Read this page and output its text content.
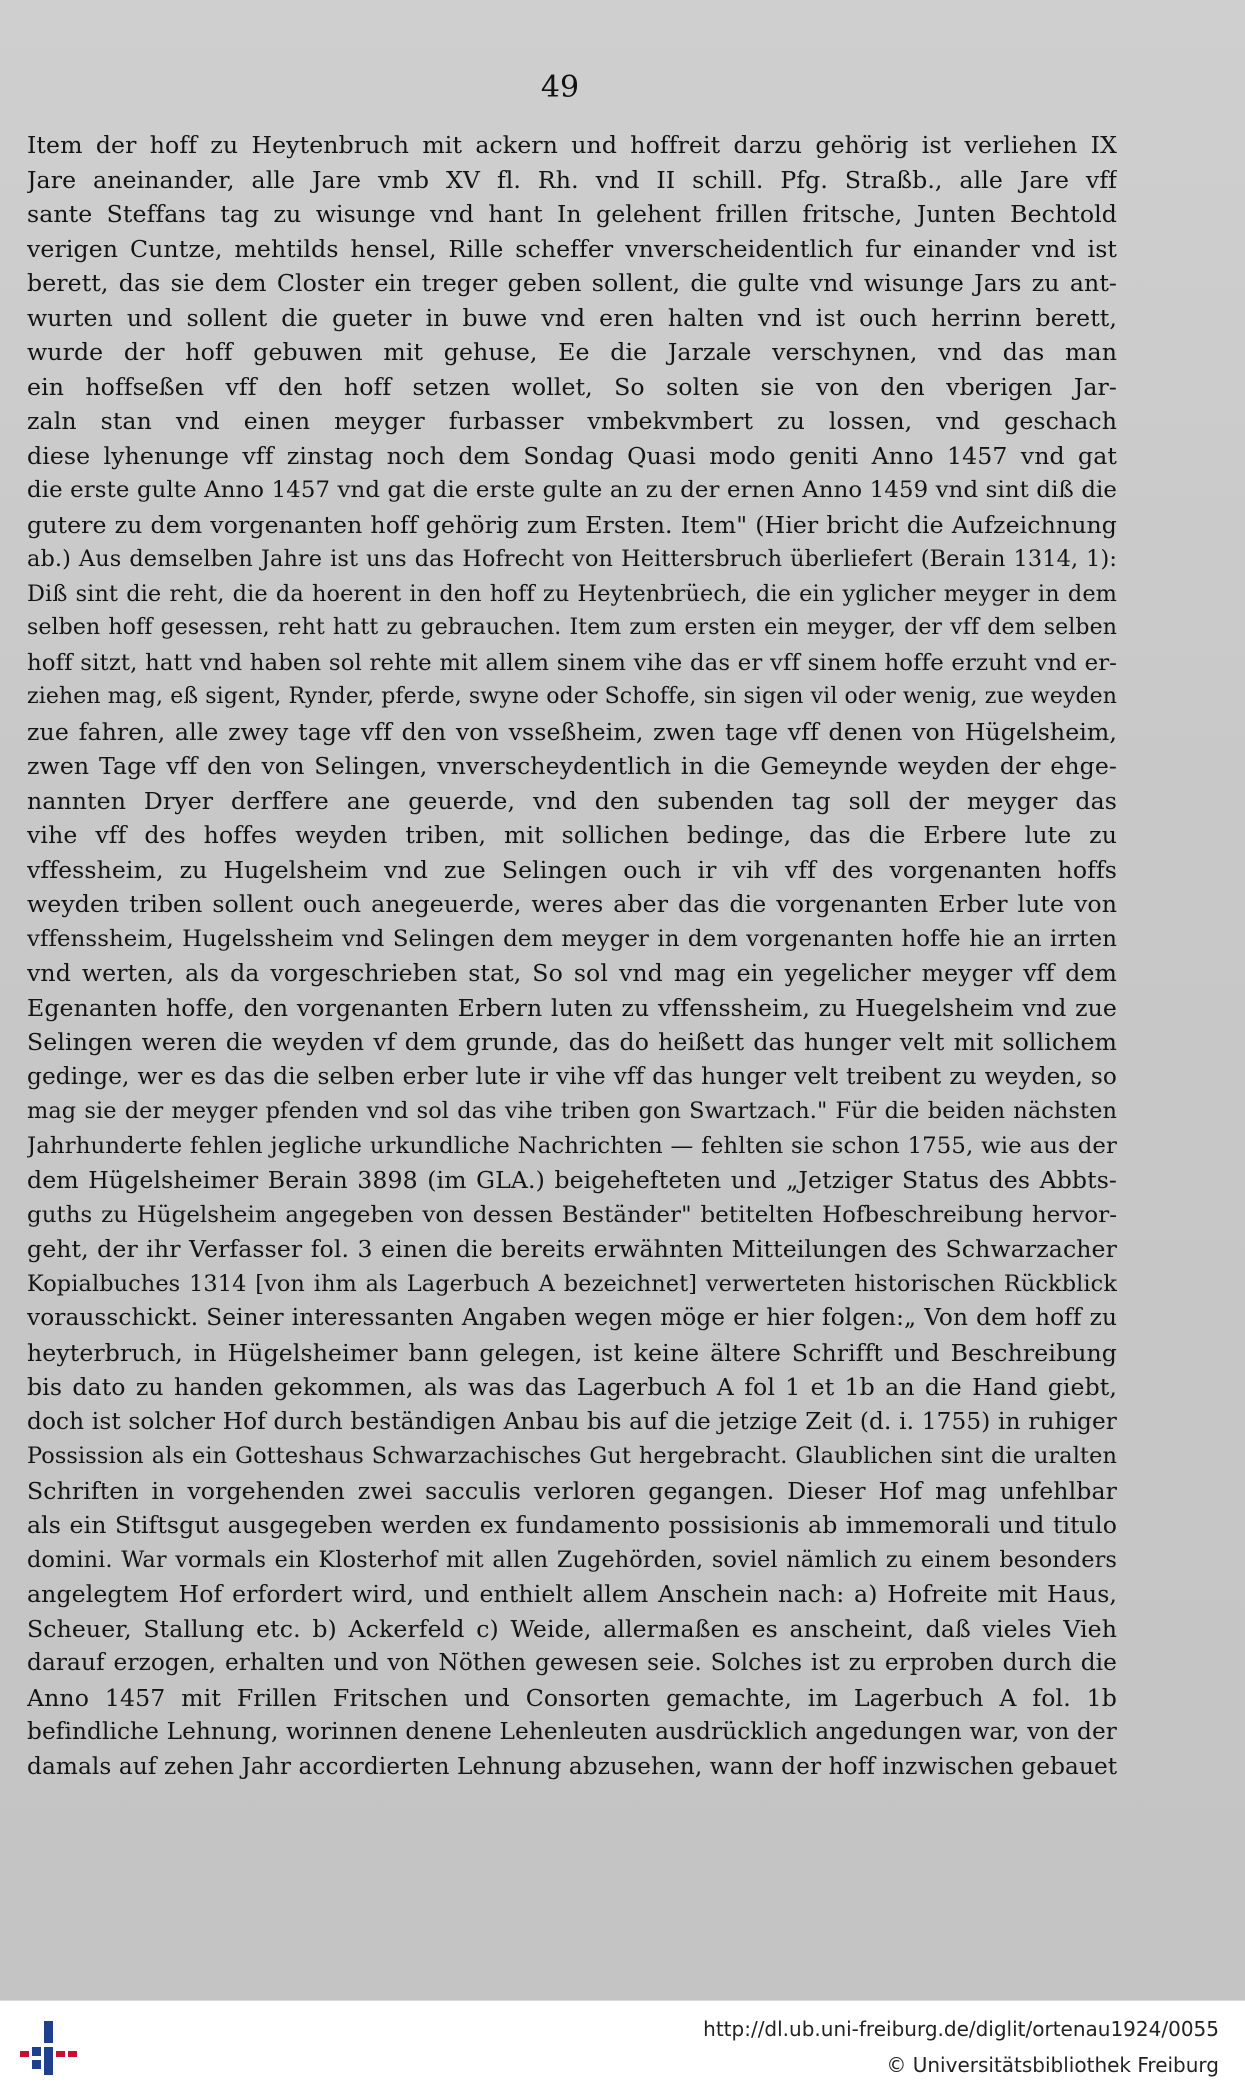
49
Item der hoff zu Heytenbruch mit ackern und hoffreit darzu gehörig ist verliehen IX
Jare aneinander, alle Jare vmb XV fl. Rh. vnd II schill. Pfg. Straßb., alle Jare vff
sante Steffans tag zu wisunge vnd hant In gelehent frillen fritsche, Junten Bechtold
verigen Cuntze, mehtilds hensel, Rille scheffer vnverscheidentlich fur einander vnd ist
berett, das sie dem Closter ein treger geben sollent, die gulte vnd wisunge Jars zu ant-
wurten und sollent die gueter in buwe vnd eren halten vnd ist ouch herrinn berett,
wurde der hoff gebuwen mit gehuse, Ee die Jarzale verschynen, vnd das man
ein hoffseßen vff den hoff setzen wollet, So solten sie von den vberigen Jar-
zaln stan vnd einen meyger furbasser vmbekvmbert zu lossen, vnd geschach
diese lyhenunge vff zinstag noch dem Sondag Quasi modo geniti Anno 1457 vnd gat
die erste gulte Anno 1457 vnd gat die erste gulte an zu der ernen Anno 1459 vnd sint diß die
gutere zu dem vorgenanten hoff gehörig zum Ersten. Item" (Hier bricht die Aufzeichnung
ab.) Aus demselben Jahre ist uns das Hofrecht von Heittersbruch überliefert (Berain 1314, 1):
Diß sint die reht, die da hoerent in den hoff zu Heytenbrüech, die ein yglicher meyger in dem
selben hoff gesessen, reht hatt zu gebrauchen. Item zum ersten ein meyger, der vff dem selben
hoff sitzt, hatt vnd haben sol rehte mit allem sinem vihe das er vff sinem hoffe erzuht vnd er-
ziehen mag, eß sigent, Rynder, pferde, swyne oder Schoffe, sin sigen vil oder wenig, zue weyden
zue fahren, alle zwey tage vff den von vsseßheim, zwen tage vff denen von Hügelsheim,
zwen Tage vff den von Selingen, vnverscheydentlich in die Gemeynde weyden der ehge-
nannten Dryer derffere ane geuerde, vnd den subenden tag soll der meyger das
vihe vff des hoffes weyden triben, mit sollichen bedinge, das die Erbere lute zu
vffessheim, zu Hugelsheim vnd zue Selingen ouch ir vih vff des vorgenanten hoffs
weyden triben sollent ouch anegeuerde, weres aber das die vorgenanten Erber lute von
vffenssheim, Hugelssheim vnd Selingen dem meyger in dem vorgenanten hoffe hie an irrten
vnd werten, als da vorgeschrieben stat, So sol vnd mag ein yegelicher meyger vff dem
Egenanten hoffe, den vorgenanten Erbern luten zu vffenssheim, zu Huegelsheim vnd zue
Selingen weren die weyden vf dem grunde, das do heißett das hunger velt mit sollichem
gedinge, wer es das die selben erber lute ir vihe vff das hunger velt treibent zu weyden, so
mag sie der meyger pfenden vnd sol das vihe triben gon Swartzach." Für die beiden nächsten
Jahrhunderte fehlen jegliche urkundliche Nachrichten — fehlten sie schon 1755, wie aus der
dem Hügelsheimer Berain 3898 (im GLA.) beigehefteten und „Jetziger Status des Abbts-
guths zu Hügelsheim angegeben von dessen Beständer" betitelten Hofbeschreibung hervor-
geht, der ihr Verfasser fol. 3 einen die bereits erwähnten Mitteilungen des Schwarzacher
Kopialbuches 1314 [von ihm als Lagerbuch A bezeichnet] verwerteten historischen Rückblick
vorausschickt. Seiner interessanten Angaben wegen möge er hier folgen:„ Von dem hoff zu
heyterbruch, in Hügelsheimer bann gelegen, ist keine ältere Schrifft und Beschreibung
bis dato zu handen gekommen, als was das Lagerbuch A fol 1 et 1b an die Hand giebt,
doch ist solcher Hof durch beständigen Anbau bis auf die jetzige Zeit (d. i. 1755) in ruhiger
Possission als ein Gotteshaus Schwarzachisches Gut hergebracht. Glaublichen sint die uralten
Schriften in vorgehenden zwei sacculis verloren gegangen. Dieser Hof mag unfehlbar
als ein Stiftsgut ausgegeben werden ex fundamento possisionis ab immemorali und titulo
domini. War vormals ein Klosterhof mit allen Zugehörden, soviel nämlich zu einem besonders
angelegtem Hof erfordert wird, und enthielt allem Anschein nach: a) Hofreite mit Haus,
Scheuer, Stallung etc. b) Ackerfeld c) Weide, allermaßen es anscheint, daß vieles Vieh
darauf erzogen, erhalten und von Nöthen gewesen seie. Solches ist zu erproben durch die
Anno 1457 mit Frillen Fritschen und Consorten gemachte, im Lagerbuch A fol. 1b
befindliche Lehnung, worinnen denene Lehenleuten ausdrücklich angedungen war, von der
damals auf zehen Jahr accordierten Lehnung abzusehen, wann der hoff inzwischen gebauet
http://dl.ub.uni-freiburg.de/diglit/ortenau1924/0055
© Universitätsbibliothek Freiburg
